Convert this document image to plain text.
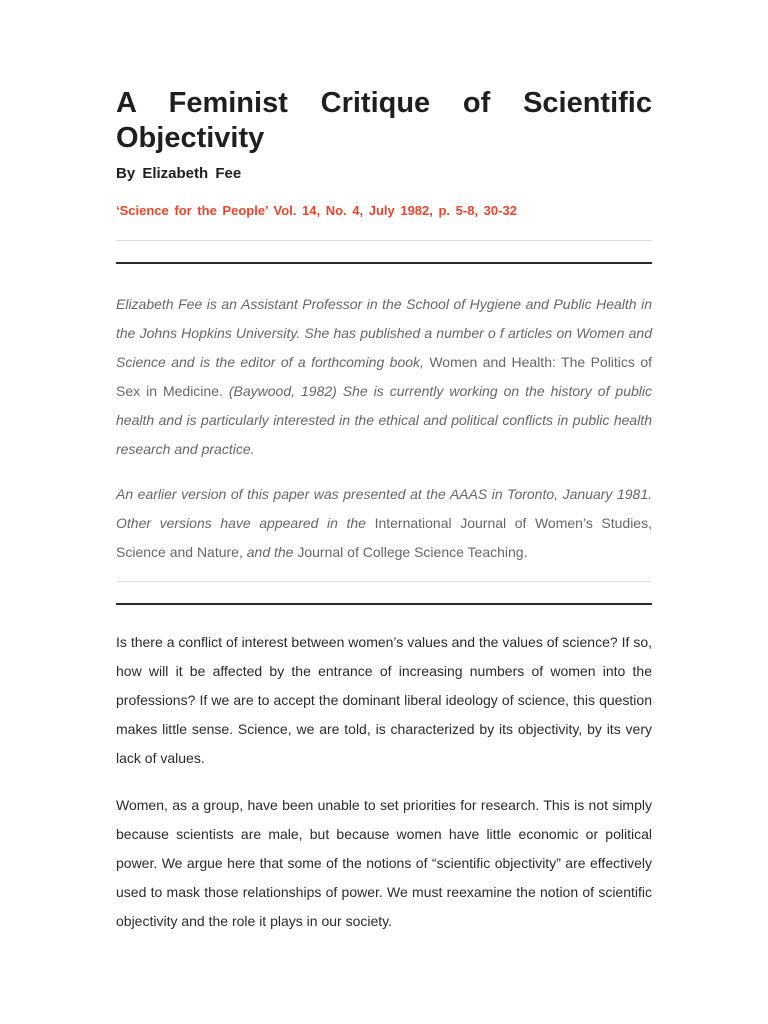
A Feminist Critique of Scientific Objectivity

By Elizabeth Fee

‘Science for the People’ Vol. 14, No. 4, July 1982, p. 5-8, 30-32

Elizabeth Fee is an Assistant Professor in the School of Hygiene and Public Health in the Johns Hopkins University. She has published a number o f articles on Women and Science and is the editor of a forthcoming book, Women and Health: The Politics of Sex in Medicine. (Baywood, 1982) She is currently working on the history of public health and is particularly interested in the ethical and political conflicts in public health research and practice.

An earlier version of this paper was presented at the AAAS in Toronto, January 1981. Other versions have appeared in the International Journal of Women’s Studies, Science and Nature, and the Journal of College Science Teaching.

Is there a conflict of interest between women’s values and the values of science? If so, how will it be affected by the entrance of increasing numbers of women into the professions? If we are to accept the dominant liberal ideology of science, this question makes little sense. Science, we are told, is characterized by its objectivity, by its very lack of values.

Women, as a group, have been unable to set priorities for research. This is not simply because scientists are male, but because women have little economic or political power. We argue here that some of the notions of “scientific objectivity” are effectively used to mask those relationships of power. We must reexamine the notion of scientific objectivity and the role it plays in our society.
